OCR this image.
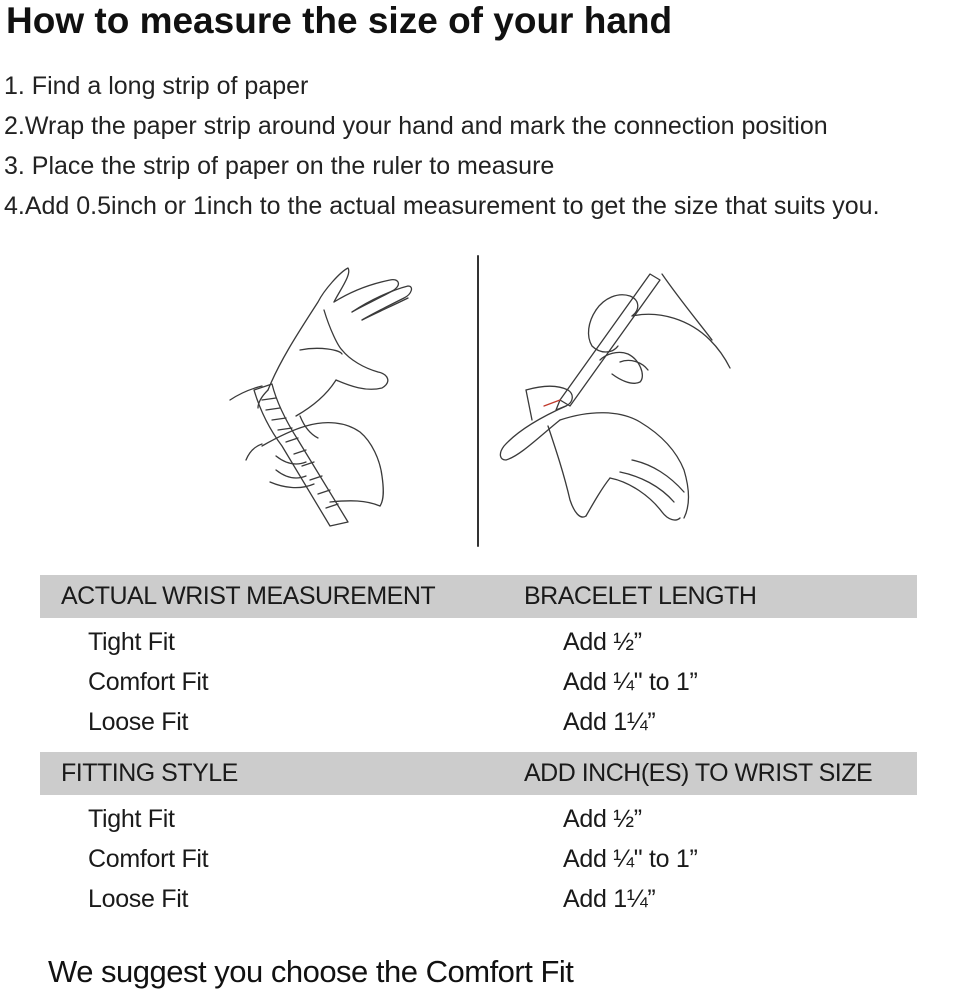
How to measure the size of your hand
1. Find a long strip of paper
2.Wrap the paper strip around your hand and mark the connection position
3. Place the strip of paper on the ruler to measure
4.Add 0.5inch or 1inch to the actual measurement to get the size that suits you.
ACTUAL WRIST MEASUREMENT	BRACELET LENGTH
Tight Fit	Add ½”
Comfort Fit	Add ¼" to 1”
Loose Fit	Add 1¼”
FITTING STYLE	ADD INCH(ES) TO WRIST SIZE
Tight Fit	Add ½”
Comfort Fit	Add ¼" to 1”
Loose Fit	Add 1¼”
We suggest you choose the Comfort Fit
